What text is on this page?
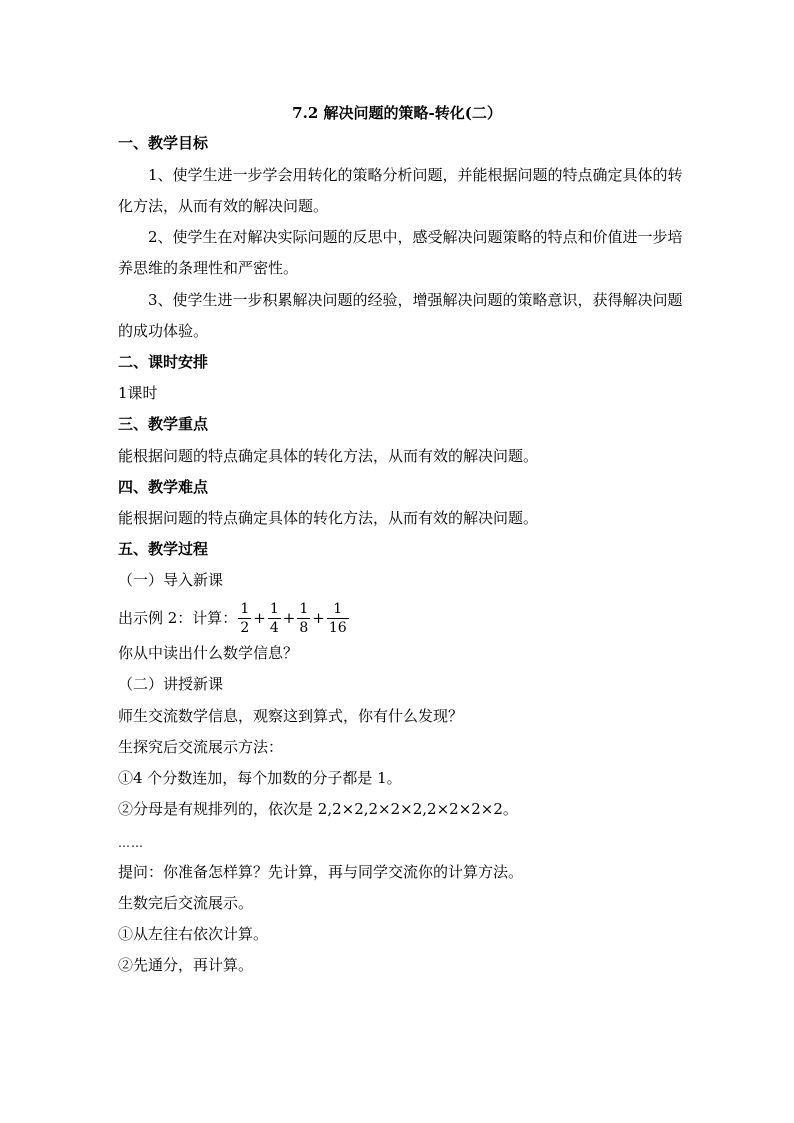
7.2 解决问题的策略-转化(二）
一、教学目标
1、使学生进一步学会用转化的策略分析问题，并能根据问题的特点确定具体的转
化方法，从而有效的解决问题。
2、使学生在对解决实际问题的反思中，感受解决问题策略的特点和价值进一步培
养思维的条理性和严密性。
3、使学生进一步积累解决问题的经验，增强解决问题的策略意识，获得解决问题
的成功体验。
二、课时安排
1课时
三、教学重点
能根据问题的特点确定具体的转化方法，从而有效的解决问题。
四、教学难点
能根据问题的特点确定具体的转化方法，从而有效的解决问题。
五、教学过程
（一）导入新课
出示例 2：计算： $\frac{1}{2} + \frac{1}{4} + \frac{1}{8} + \frac{1}{16}$
你从中读出什么数学信息？
（二）讲授新课
师生交流数学信息，观察这到算式，你有什么发现？
生探究后交流展示方法：
①4 个分数连加，每个加数的分子都是 1。
②分母是有规排列的，依次是 2,2×2,2×2×2,2×2×2×2。
……
提问：你准备怎样算？先计算，再与同学交流你的计算方法。
生数完后交流展示。
①从左往右依次计算。
②先通分，再计算。
